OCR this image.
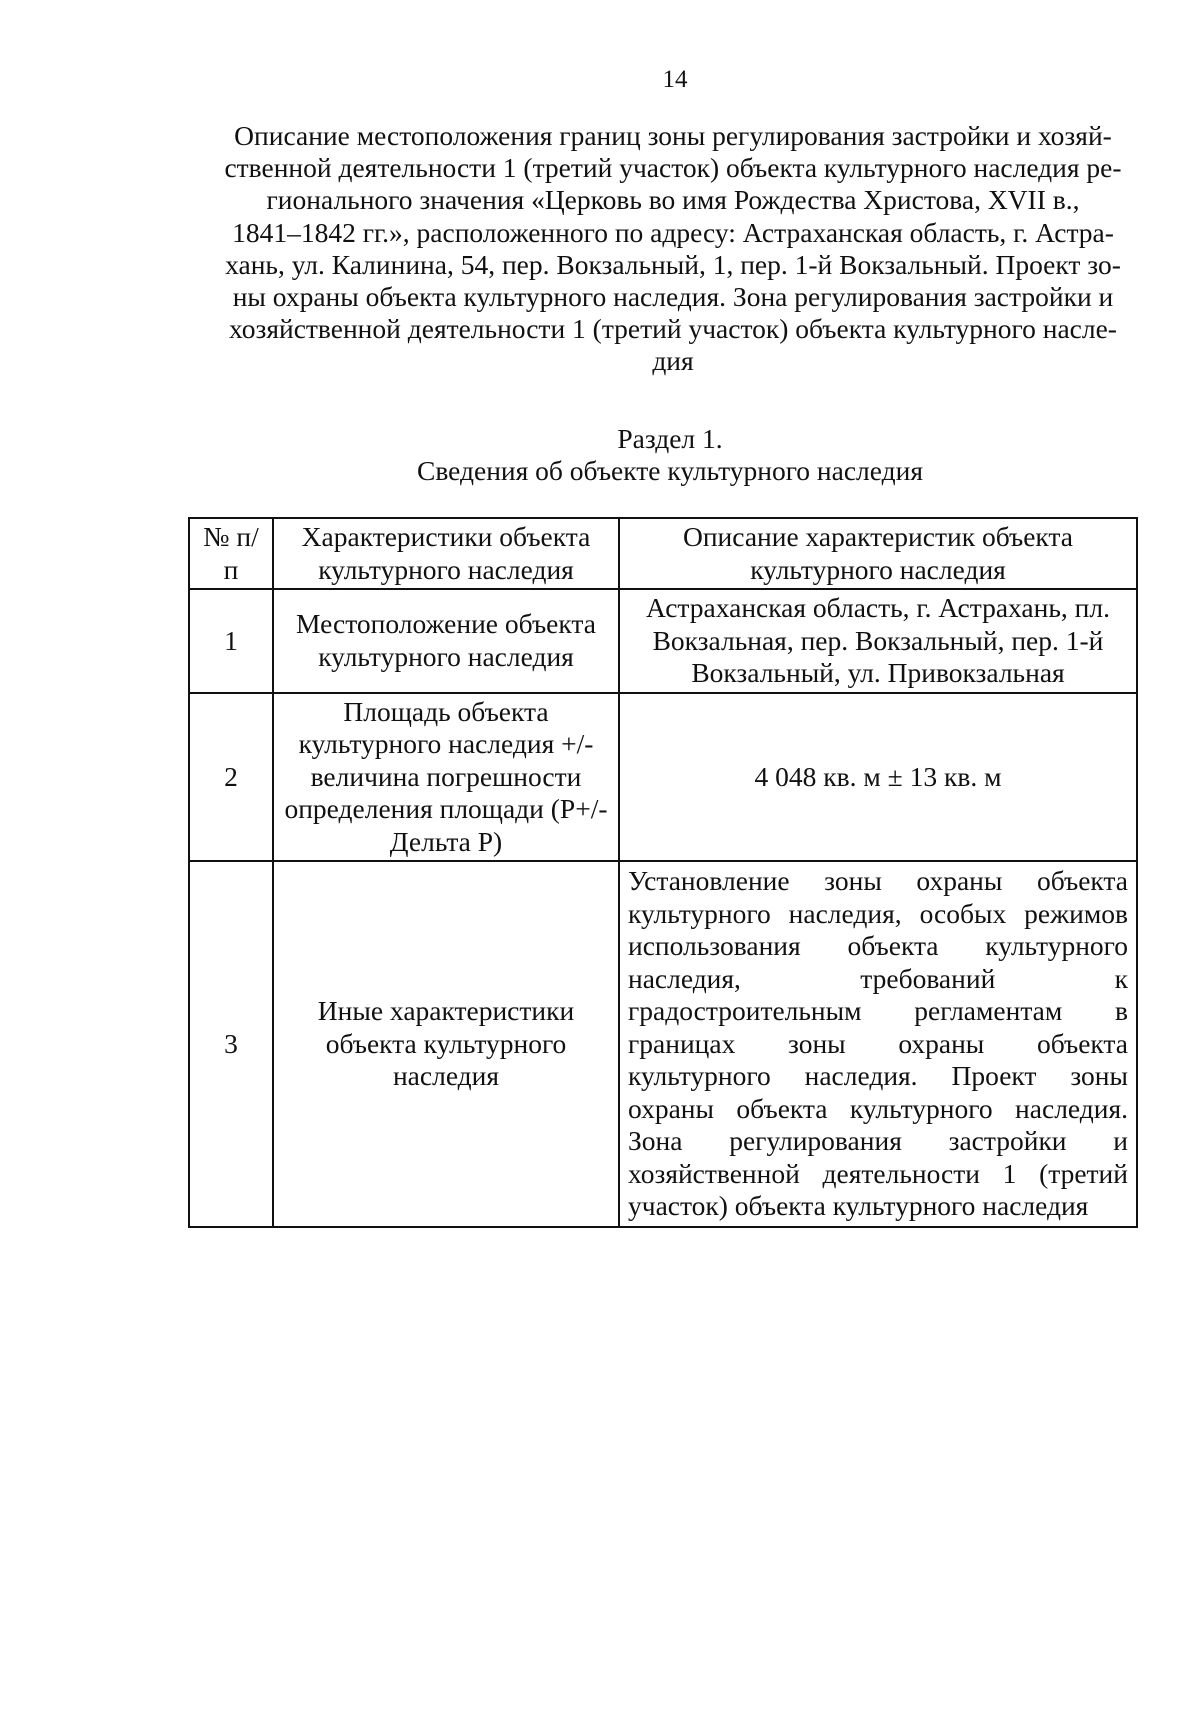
14
Описание местоположения границ зоны регулирования застройки и хозяй-
ственной деятельности 1 (третий участок) объекта культурного наследия ре-
гионального значения «Церковь во имя Рождества Христова, XVII в.,
1841–1842 гг.», расположенного по адресу: Астраханская область, г. Астра-
хань, ул. Калинина, 54, пер. Вокзальный, 1, пер. 1-й Вокзальный. Проект зо-
ны охраны объекта культурного наследия. Зона регулирования застройки и
хозяйственной деятельности 1 (третий участок) объекта культурного насле-
дия
Раздел 1.
Сведения об объекте культурного наследия
№ п/п	Характеристики объекта культурного наследия	Описание характеристик объекта культурного наследия
1	Местоположение объекта культурного наследия	Астраханская область, г. Астрахань, пл. Вокзальная, пер. Вокзальный, пер. 1-й Вокзальный, ул. Привокзальная
2	Площадь объекта культурного наследия +/- величина погрешности определения площади (P+/- Дельта P)	4 048 кв. м ± 13 кв. м
3	Иные характеристики объекта культурного наследия	Установление зоны охраны объекта культурного наследия, особых режимов использования объекта культурного наследия, требований к градостроительным регламентам в границах зоны охраны объекта культурного наследия. Проект зоны охраны объекта культурного наследия. Зона регулирования застройки и хозяйственной деятельности 1 (третий участок) объекта культурного наследия
